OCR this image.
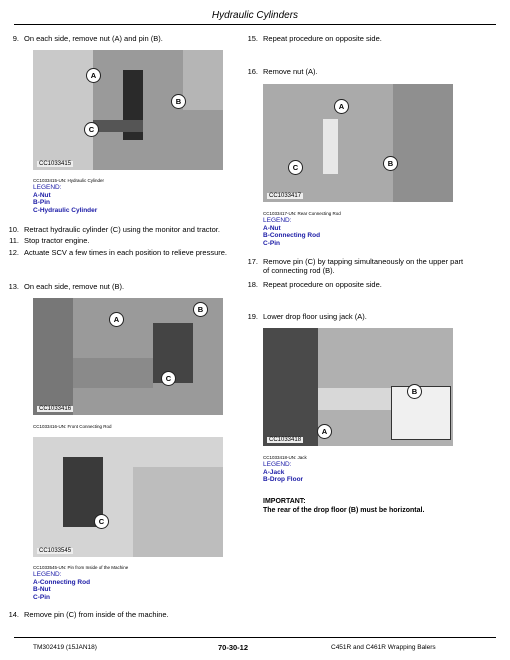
Hydraulic Cylinders
9. On each side, remove nut (A) and pin (B).
A
B
C
CC1033415
CC1033415-UN: Hydraulic Cylinder
LEGEND:
A-Nut
B-Pin
C-Hydraulic Cylinder
10. Retract hydraulic cylinder (C) using the monitor and tractor.
11. Stop tractor engine.
12. Actuate SCV a few times in each position to relieve pressure.
13. On each side, remove nut (B).
A
B
C
CC1033416
CC1033416-UN: Front Connecting Rod
C
CC1033545
CC1033545-UN: Pin from Inside of the Machine
LEGEND:
A-Connecting Rod
B-Nut
C-Pin
14. Remove pin (C) from inside of the machine.
15. Repeat procedure on opposite side.
16. Remove nut (A).
A
B
C
CC1033417
CC1033417-UN: Rear Connecting Rod
LEGEND:
A-Nut
B-Connecting Rod
C-Pin
17. Remove pin (C) by tapping simultaneously on the upper part
of connecting rod (B).
18. Repeat procedure on opposite side.
19. Lower drop floor using jack (A).
B
A
CC1033418
CC1033418-UN: Jack
LEGEND:
A-Jack
B-Drop Floor
IMPORTANT:
The rear of the drop floor (B) must be horizontal.
TM302419 (15JAN18)	70-30-12	C451R and C461R Wrapping Balers
